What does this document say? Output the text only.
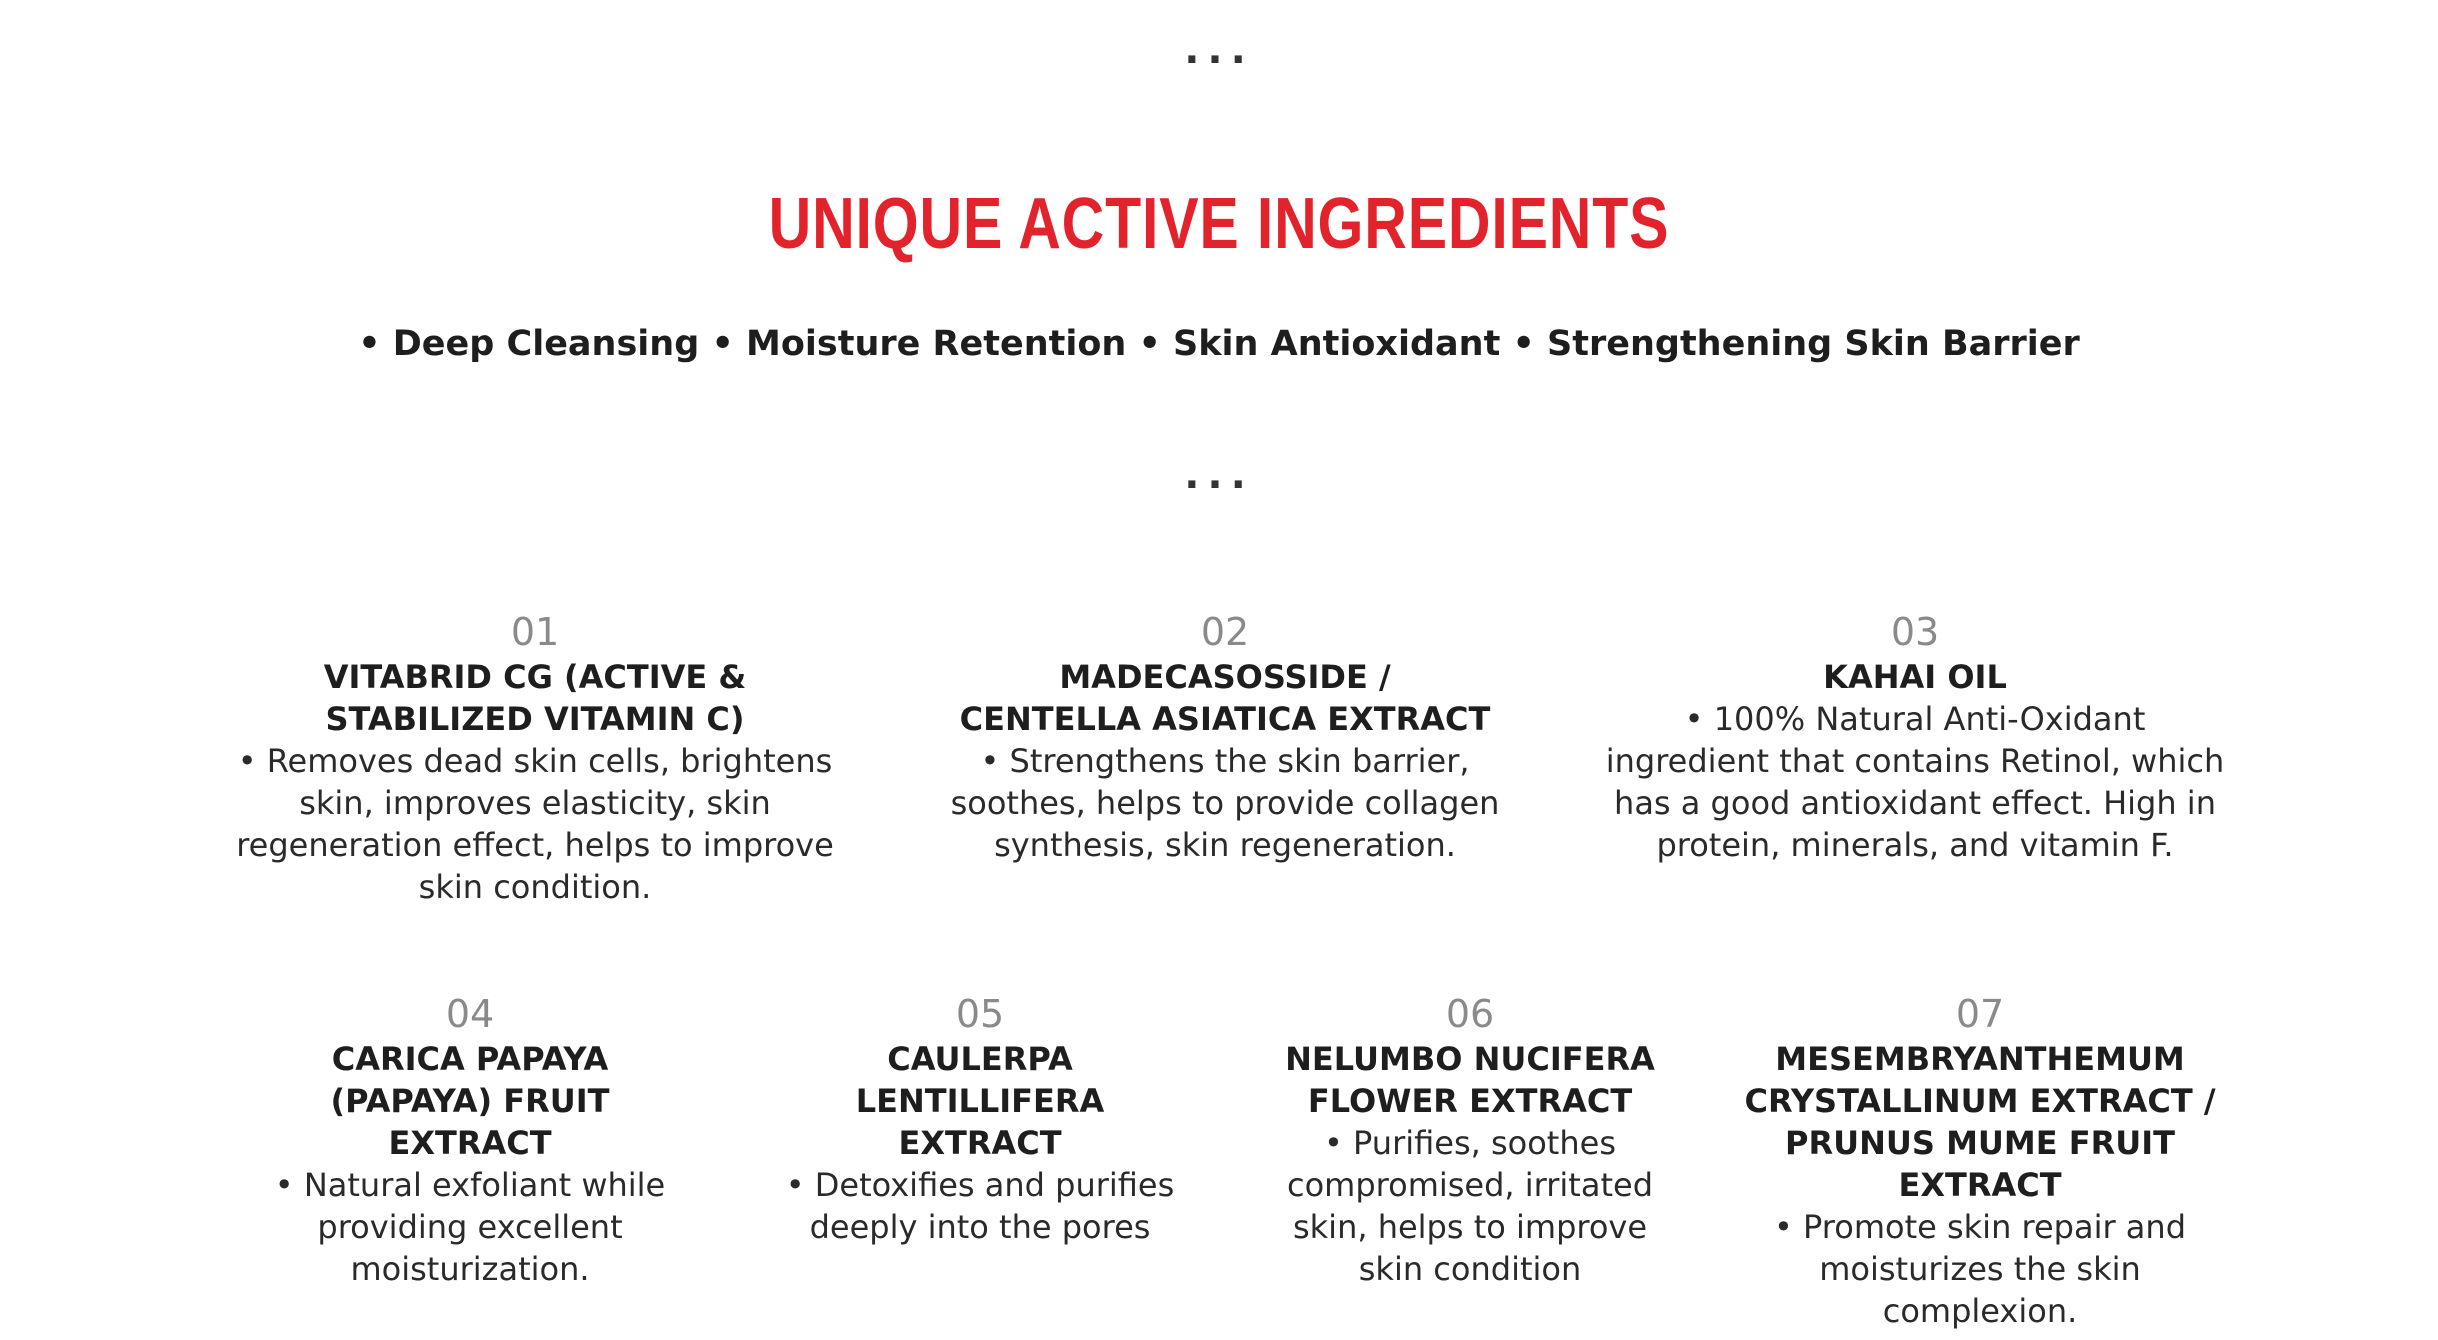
...
UNIQUE ACTIVE INGREDIENTS

• Deep Cleansing • Moisture Retention • Skin Antioxidant • Strengthening Skin Barrier

...
01
VITABRID CG (ACTIVE &
STABILIZED VITAMIN C)
• Removes dead skin cells, brightens skin, improves elasticity, skin regeneration effect, helps to improve skin condition.
02
MADECASOSSIDE /
CENTELLA ASIATICA EXTRACT
• Strengthens the skin barrier, soothes, helps to provide collagen synthesis, skin regeneration.
03
KAHAI OIL
• 100% Natural Anti-Oxidant ingredient that contains Retinol, which has a good antioxidant effect. High in protein, minerals, and vitamin F.
04
CARICA PAPAYA
(PAPAYA) FRUIT EXTRACT
• Natural exfoliant while providing excellent moisturization.
05
CAULERPA LENTILLIFERA
EXTRACT
• Detoxifies and purifies deeply into the pores
06
NELUMBO NUCIFERA
FLOWER EXTRACT
• Purifies, soothes compromised, irritated skin, helps to improve skin condition
07
MESEMBRYANTHEMUM
CRYSTALLINUM EXTRACT /
PRUNUS MUME FRUIT EXTRACT
• Promote skin repair and moisturizes the skin complexion.
